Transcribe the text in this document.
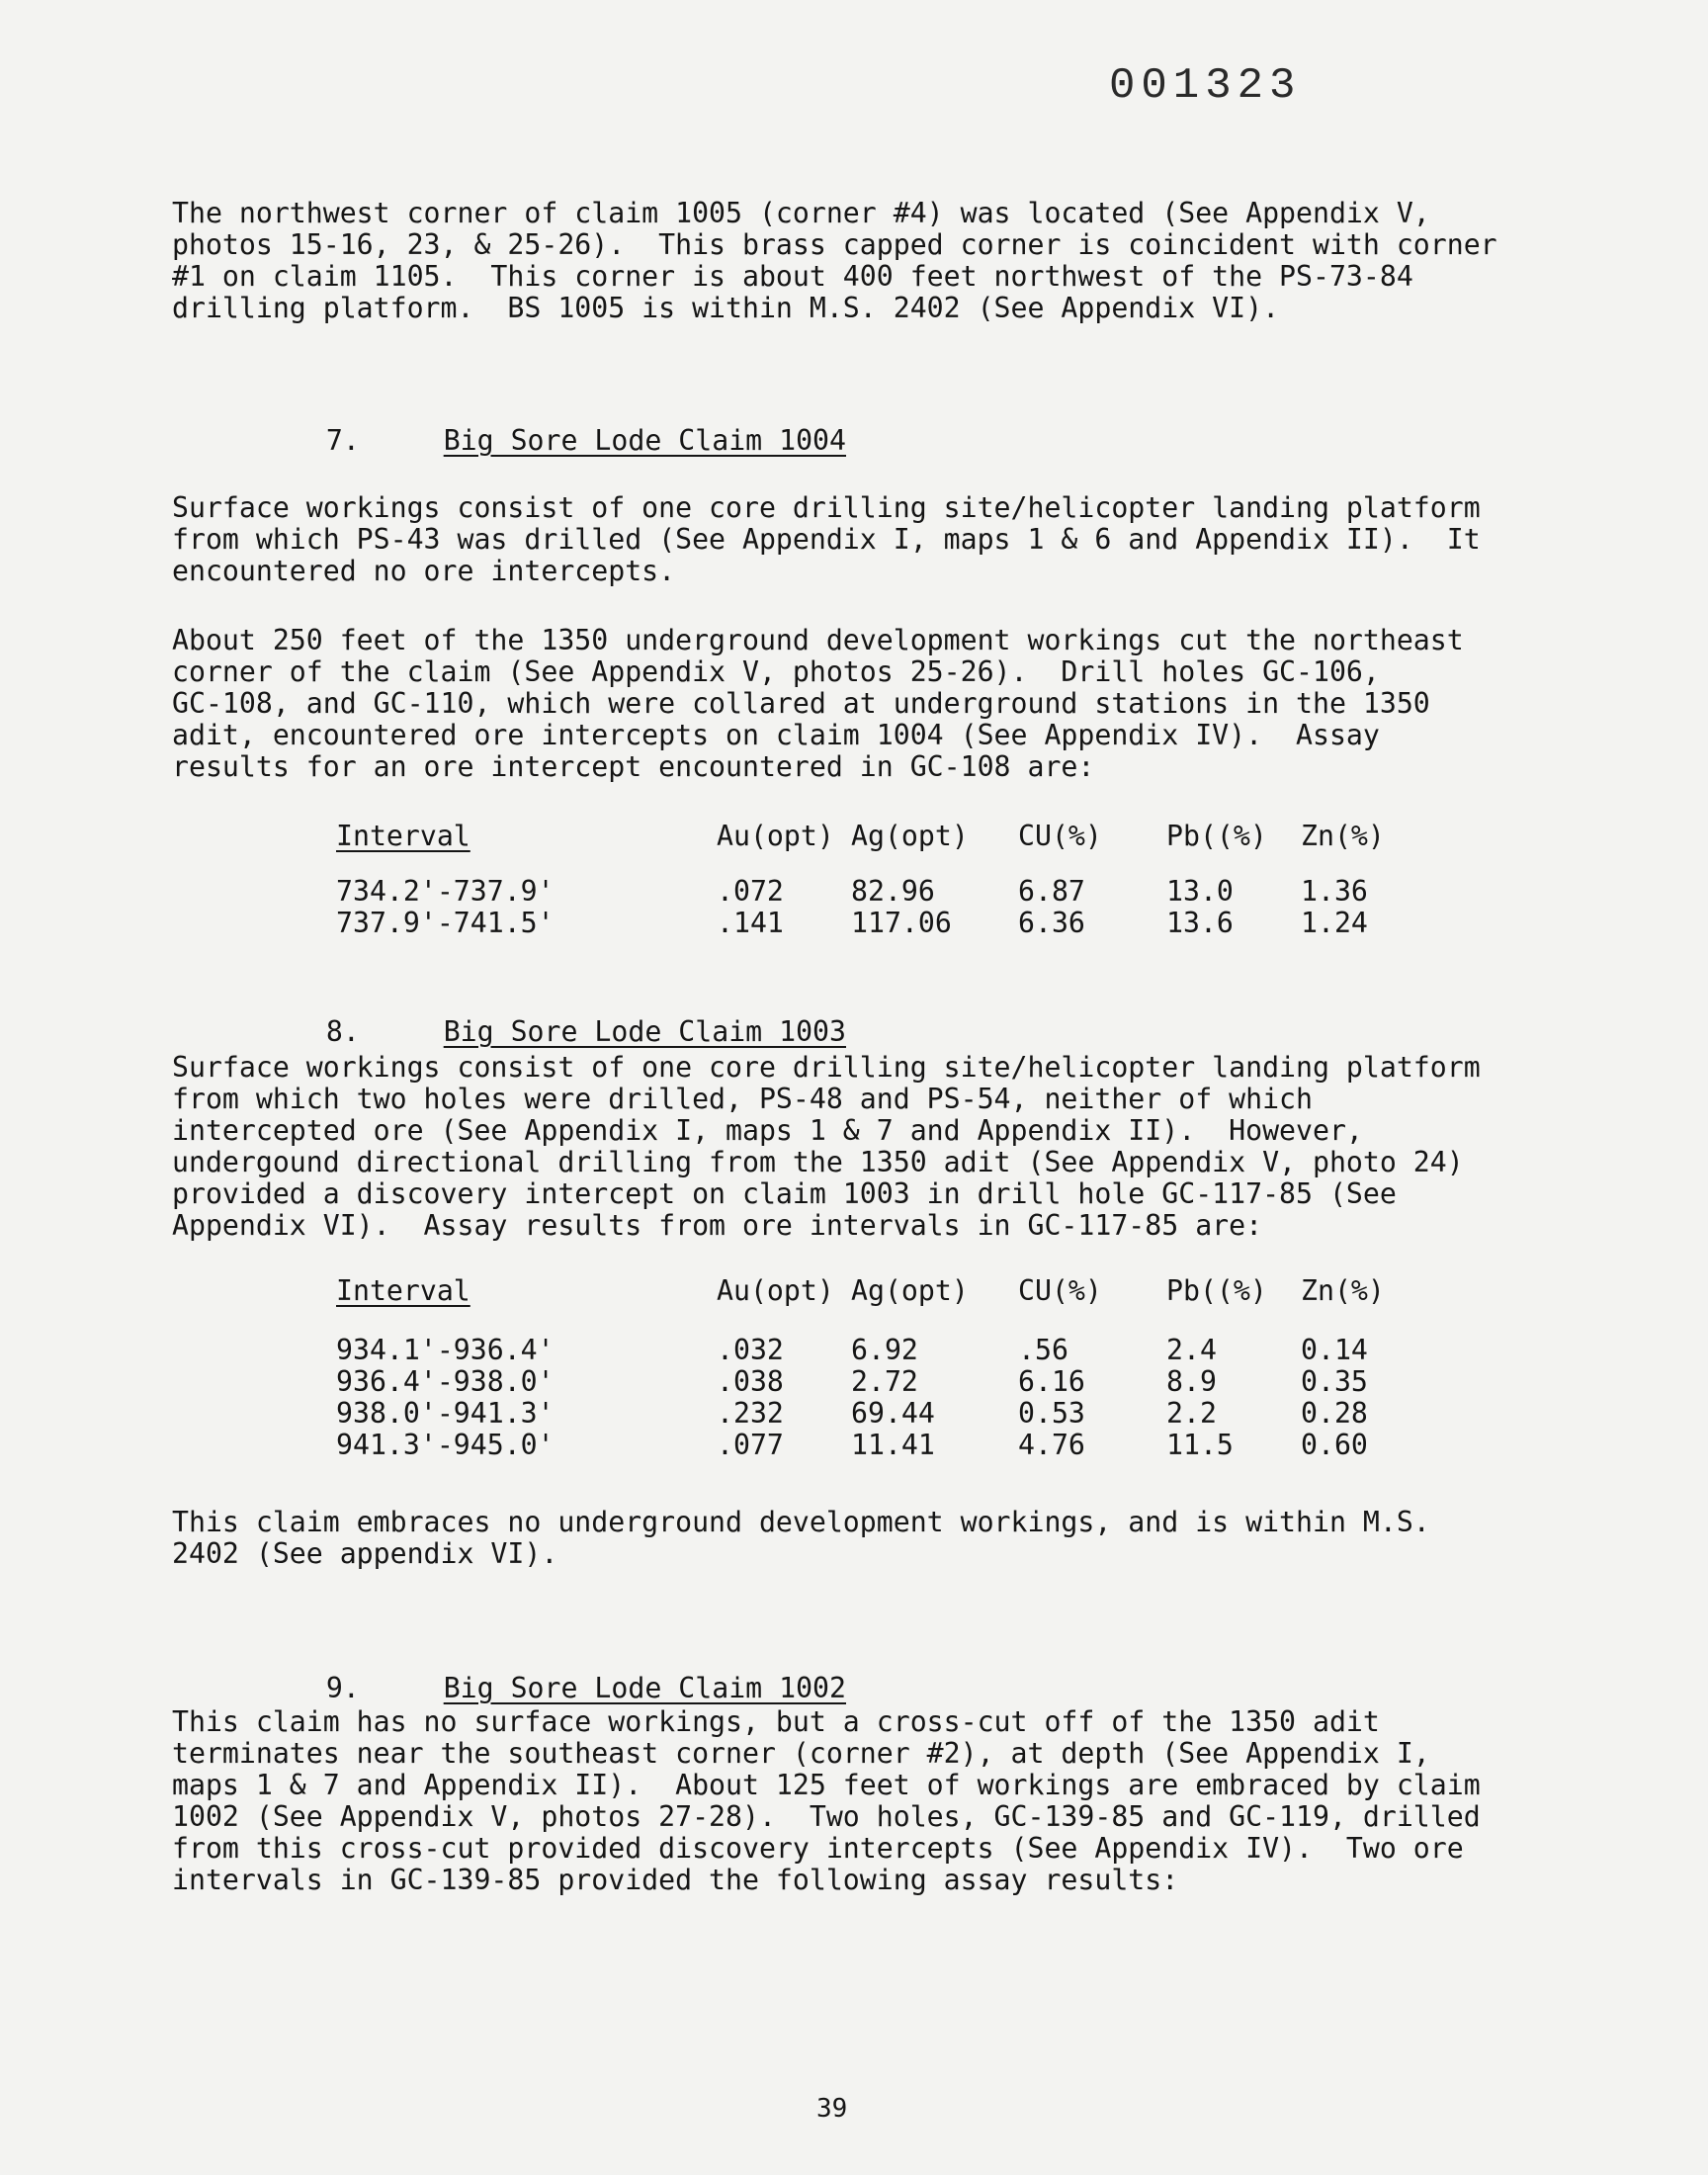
001323
The northwest corner of claim 1005 (corner #4) was located (See Appendix V,
photos 15-16, 23, & 25-26).  This brass capped corner is coincident with corner
#1 on claim 1105.  This corner is about 400 feet northwest of the PS-73-84
drilling platform.  BS 1005 is within M.S. 2402 (See Appendix VI).

7.	Big Sore Lode Claim 1004

Surface workings consist of one core drilling site/helicopter landing platform
from which PS-43 was drilled (See Appendix I, maps 1 & 6 and Appendix II).  It
encountered no ore intercepts.
About 250 feet of the 1350 underground development workings cut the northeast
corner of the claim (See Appendix V, photos 25-26).  Drill holes GC-106,
GC-108, and GC-110, which were collared at underground stations in the 1350
adit, encountered ore intercepts on claim 1004 (See Appendix IV).  Assay
results for an ore intercept encountered in GC-108 are:
Interval	Au(opt) Ag(opt) CU(%) Pb((%) Zn(%)
734.2'-737.9'	.072 82.96	6.87	13.0 1.36
737.9'-741.5'	.141 117.06 6.36	13.6 1.24

8.	Big Sore Lode Claim 1003

Surface workings consist of one core drilling site/helicopter landing platform
from which two holes were drilled, PS-48 and PS-54, neither of which
intercepted ore (See Appendix I, maps 1 & 7 and Appendix II).  However,
undergound directional drilling from the 1350 adit (See Appendix V, photo 24)
provided a discovery intercept on claim 1003 in drill hole GC-117-85 (See
Appendix VI).  Assay results from ore intervals in GC-117-85 are:
Interval	Au(opt) Ag(opt) CU(%) Pb((%) Zn(%)
934.1'-936.4'	.032 6.92	.56	2.4	0.14
936.4'-938.0'	.038 2.72	6.16	8.9	0.35
938.0'-941.3'	.232 69.44	0.53	2.2	0.28
941.3'-945.0'	.077 11.41	4.76	11.5 0.60
This claim embraces no underground development workings, and is within M.S.
2402 (See appendix VI).

9.	Big Sore Lode Claim 1002

This claim has no surface workings, but a cross-cut off of the 1350 adit
terminates near the southeast corner (corner #2), at depth (See Appendix I,
maps 1 & 7 and Appendix II).  About 125 feet of workings are embraced by claim
1002 (See Appendix V, photos 27-28).  Two holes, GC-139-85 and GC-119, drilled
from this cross-cut provided discovery intercepts (See Appendix IV).  Two ore
intervals in GC-139-85 provided the following assay results:
39
